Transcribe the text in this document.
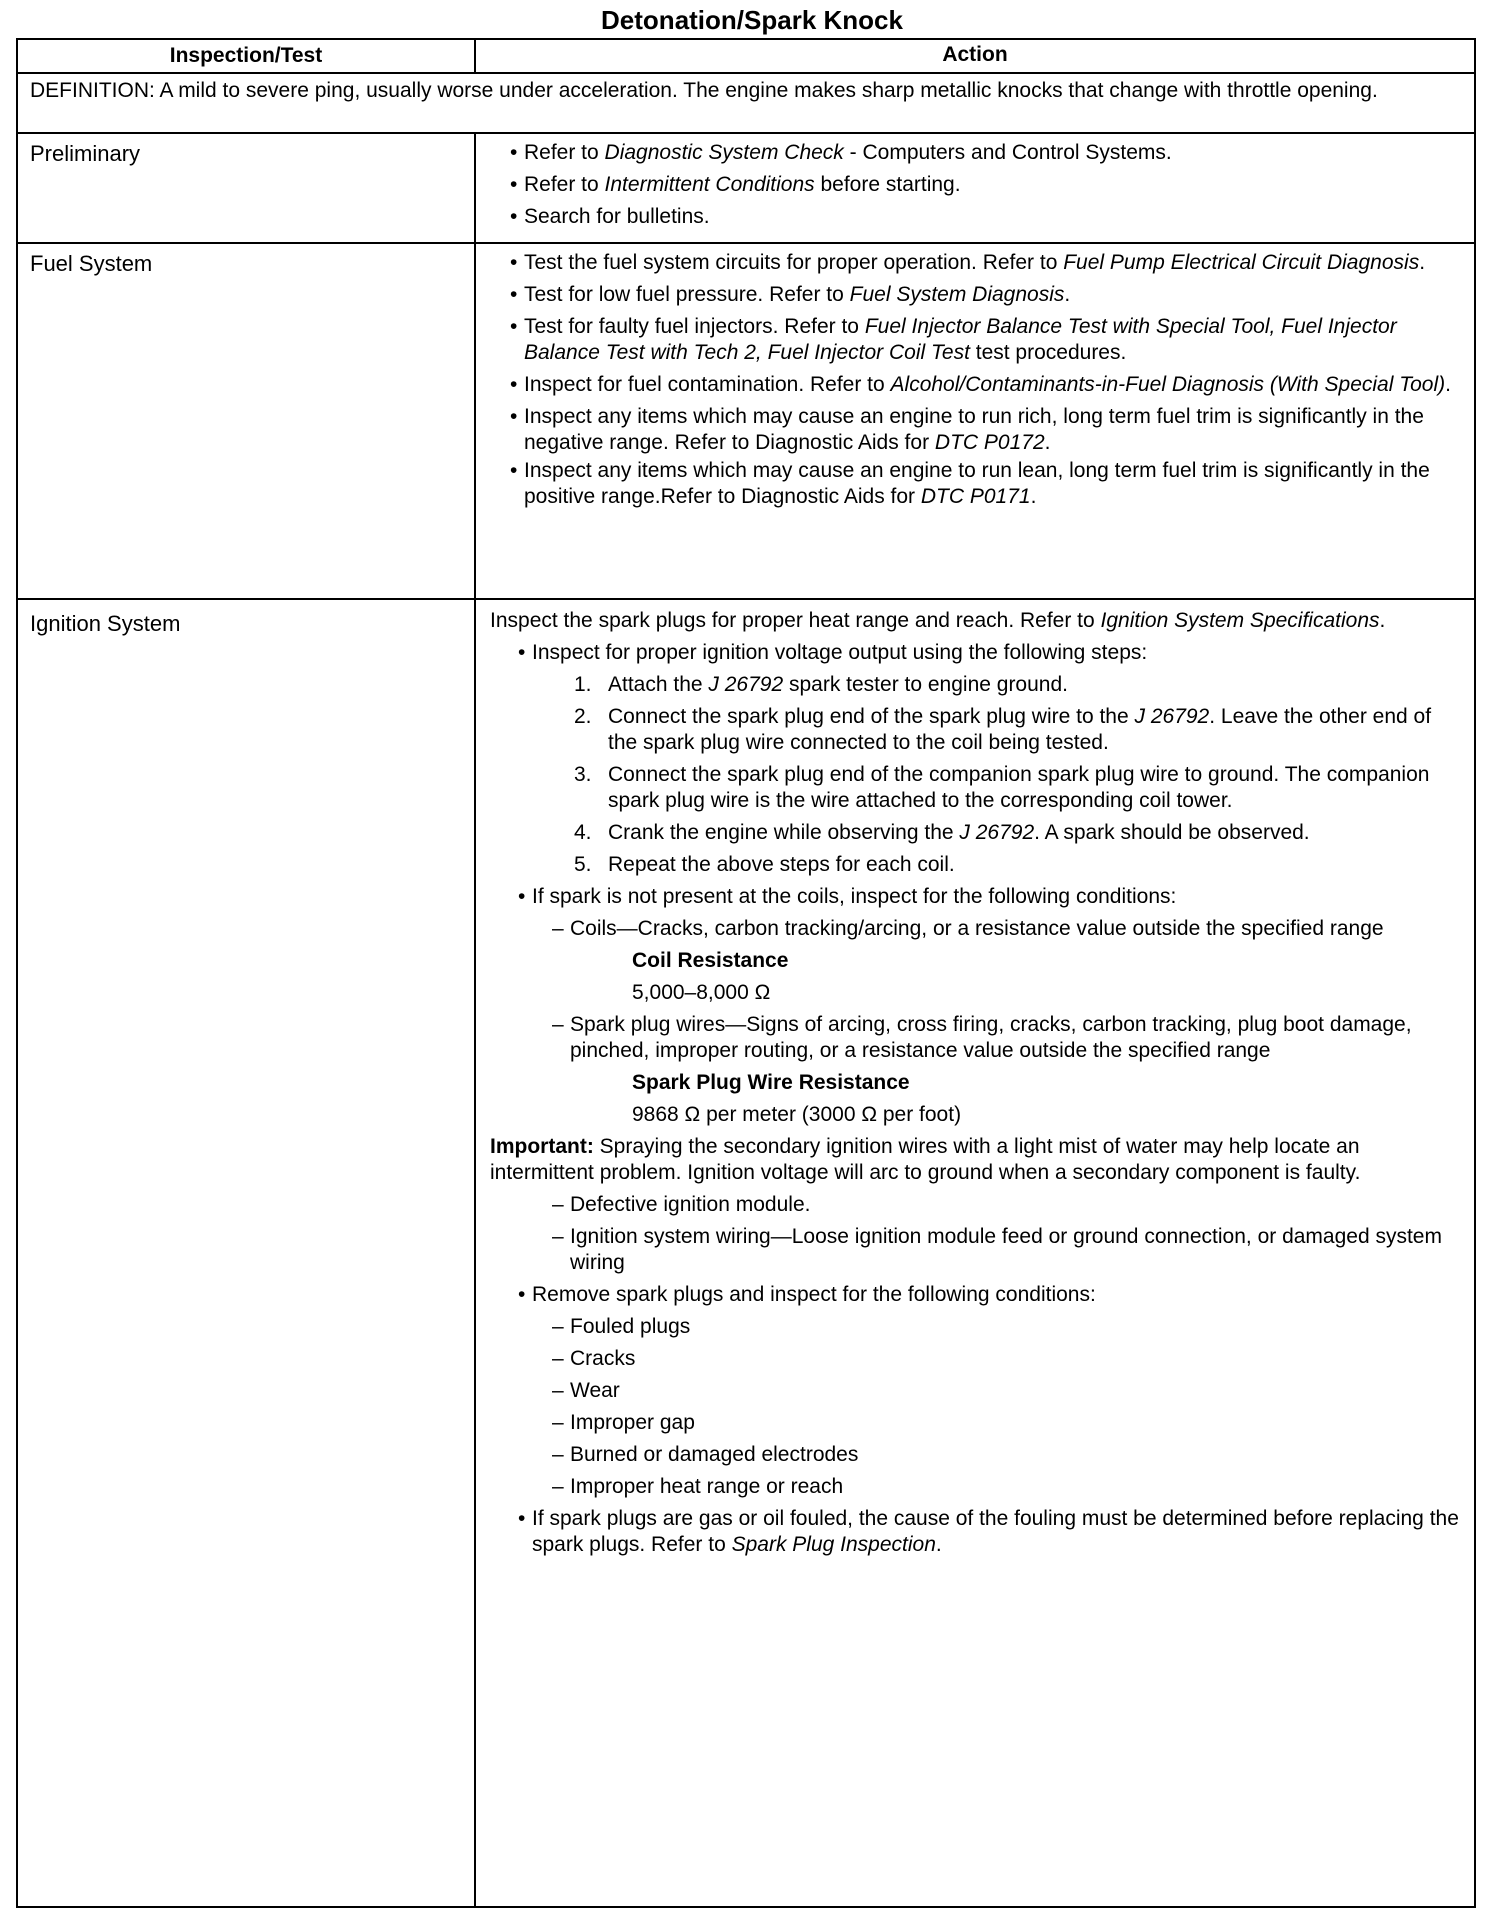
Detonation/Spark Knock
Inspection/Test	Action
DEFINITION: A mild to severe ping, usually worse under acceleration. The engine makes sharp metallic knocks that change with throttle opening.
Preliminary	• Refer to Diagnostic System Check - Computers and Control Systems.
• Refer to Intermittent Conditions before starting.
• Search for bulletins.
Fuel System	• Test the fuel system circuits for proper operation. Refer to Fuel Pump Electrical Circuit Diagnosis.
• Test for low fuel pressure. Refer to Fuel System Diagnosis.
• Test for faulty fuel injectors. Refer to Fuel Injector Balance Test with Special Tool, Fuel Injector Balance Test with Tech 2, Fuel Injector Coil Test test procedures.
• Inspect for fuel contamination. Refer to Alcohol/Contaminants-in-Fuel Diagnosis (With Special Tool).
• Inspect any items which may cause an engine to run rich, long term fuel trim is significantly in the negative range. Refer to Diagnostic Aids for DTC P0172.
• Inspect any items which may cause an engine to run lean, long term fuel trim is significantly in the positive range.Refer to Diagnostic Aids for DTC P0171.
Ignition System	Inspect the spark plugs for proper heat range and reach. Refer to Ignition System Specifications.
• Inspect for proper ignition voltage output using the following steps:
1. Attach the J 26792 spark tester to engine ground.
2. Connect the spark plug end of the spark plug wire to the J 26792. Leave the other end of the spark plug wire connected to the coil being tested.
3. Connect the spark plug end of the companion spark plug wire to ground. The companion spark plug wire is the wire attached to the corresponding coil tower.
4. Crank the engine while observing the J 26792. A spark should be observed.
5. Repeat the above steps for each coil.
• If spark is not present at the coils, inspect for the following conditions:
– Coils—Cracks, carbon tracking/arcing, or a resistance value outside the specified range
Coil Resistance
5,000–8,000 Ω
– Spark plug wires—Signs of arcing, cross firing, cracks, carbon tracking, plug boot damage, pinched, improper routing, or a resistance value outside the specified range
Spark Plug Wire Resistance
9868 Ω per meter (3000 Ω per foot)
Important: Spraying the secondary ignition wires with a light mist of water may help locate an intermittent problem. Ignition voltage will arc to ground when a secondary component is faulty.
– Defective ignition module.
– Ignition system wiring—Loose ignition module feed or ground connection, or damaged system wiring
• Remove spark plugs and inspect for the following conditions:
– Fouled plugs
– Cracks
– Wear
– Improper gap
– Burned or damaged electrodes
– Improper heat range or reach
• If spark plugs are gas or oil fouled, the cause of the fouling must be determined before replacing the spark plugs. Refer to Spark Plug Inspection.
